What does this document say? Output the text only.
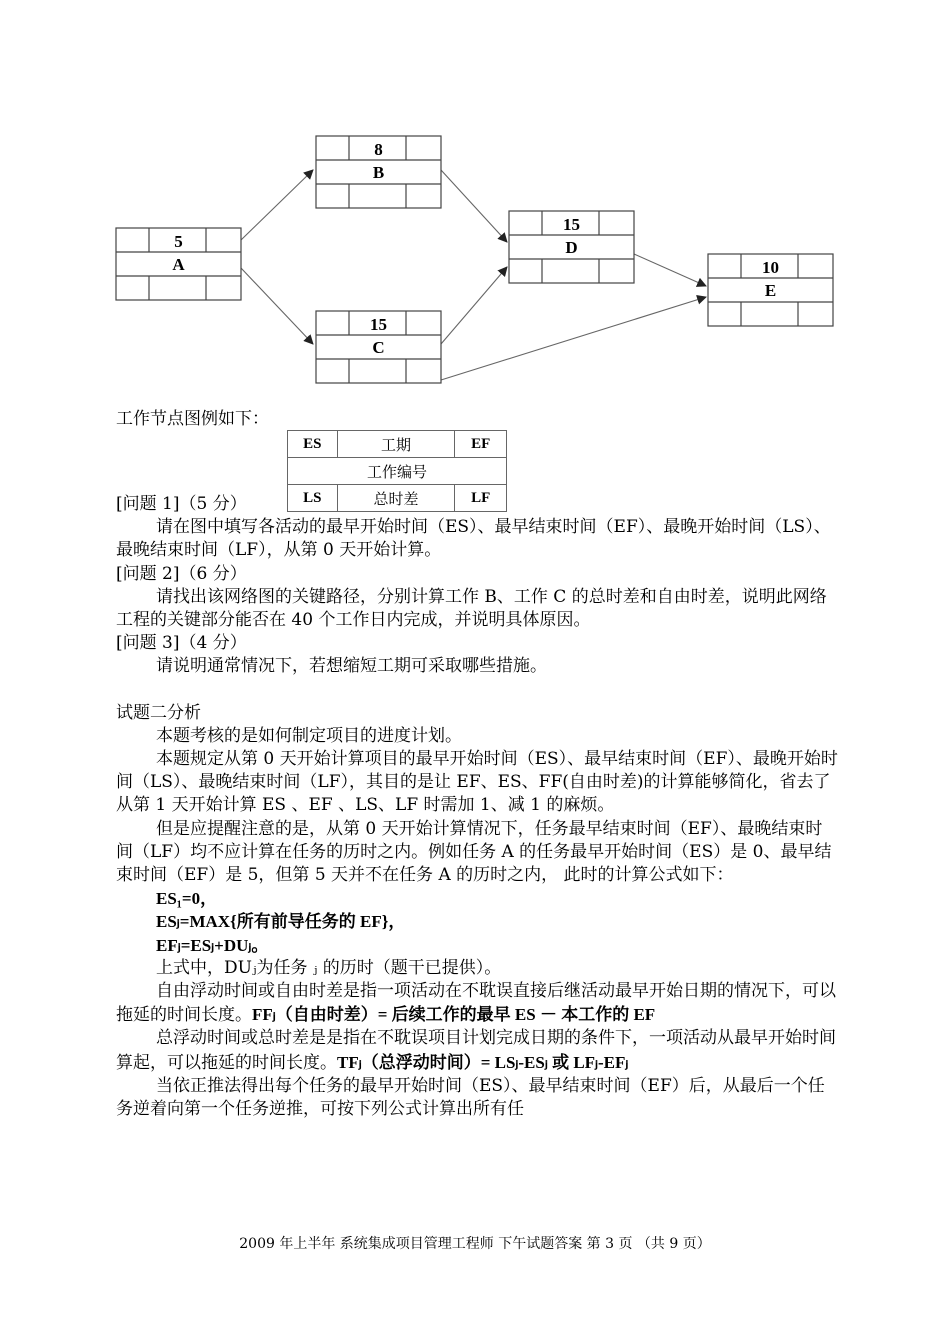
5
A
8
B
15
C
15
D
10
E
工作节点图例如下：
ES	工期	EF
工作编号		
LS	总时差	LF

[问题 1]（5 分）

请在图中填写各活动的最早开始时间（ES）、最早结束时间（EF）、最晚开始时间（LS）、最晚结束时间（LF），从第 0 天开始计算。

[问题 2]（6 分）

请找出该网络图的关键路径，分别计算工作 B、工作 C 的总时差和自由时差，说明此网络工程的关键部分能否在 40 个工作日内完成，并说明具体原因。

[问题 3]（4 分）

请说明通常情况下，若想缩短工期可采取哪些措施。

试题二分析

本题考核的是如何制定项目的进度计划。

本题规定从第 0 天开始计算项目的最早开始时间（ES）、最早结束时间（EF）、最晚开始时间（LS）、最晚结束时间（LF），其目的是让 EF、ES、FF(自由时差)的计算能够简化，省去了从第 1 天开始计算 ES 、EF 、LS、LF 时需加 1、减 1 的麻烦。

但是应提醒注意的是，从第 0 天开始计算情况下，任务最早结束时间（EF）、最晚结束时间（LF）均不应计算在任务的历时之内。例如任务 A 的任务最早开始时间（ES）是 0、最早结束时间（EF）是 5，但第 5 天并不在任务 A 的历时之内， 此时的计算公式如下：

ES₁=0，

ESⱼ=MAX{所有前导任务的 EF}，

EFⱼ=ESⱼ+DUⱼ。

上式中，DUⱼ为任务 ⱼ 的历时（题干已提供）。

自由浮动时间或自由时差是指一项活动在不耽误直接后继活动最早开始日期的情况下，可以拖延的时间长度。FFⱼ（自由时差）= 后续工作的最早 ES － 本工作的 EF

总浮动时间或总时差是是指在不耽误项目计划完成日期的条件下，一项活动从最早开始时间算起，可以拖延的时间长度。TFⱼ（总浮动时间）= LSⱼ-ESⱼ 或 LFⱼ-EFⱼ

当依正推法得出每个任务的最早开始时间（ES）、最早结束时间（EF）后，从最后一个任务逆着向第一个任务逆推，可按下列公式计算出所有任

2009 年上半年 系统集成项目管理工程师 下午试题答案 第 3 页 （共 9 页）
